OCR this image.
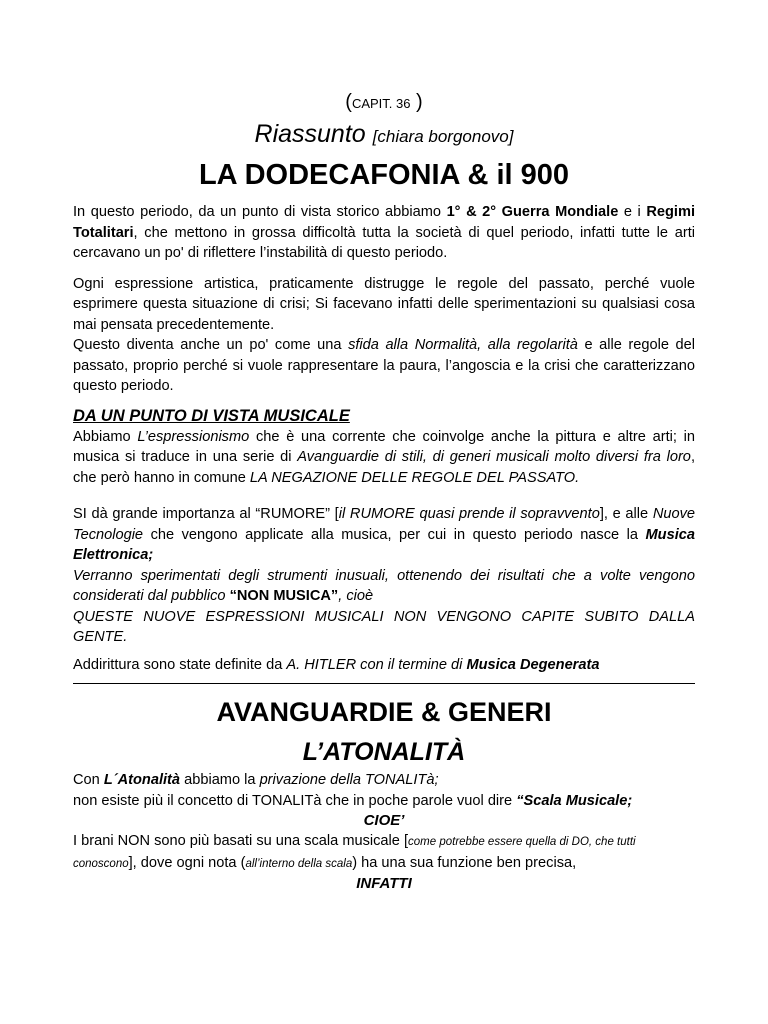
(CAPIT. 36 )
Riassunto [chiara borgonovo]
LA DODECAFONIA & il 900

In questo periodo, da un punto di vista storico abbiamo 1° & 2° Guerra Mondiale e i Regimi Totalitari, che mettono in grossa difficoltà tutta la società di quel periodo, infatti tutte le arti cercavano un po' di riflettere l’instabilità di questo periodo.

Ogni espressione artistica, praticamente distrugge le regole del passato, perché vuole esprimere questa situazione di crisi; Si facevano infatti delle sperimentazioni su qualsiasi cosa mai pensata precedentemente.

Questo diventa anche un po' come una sfida alla Normalità, alla regolarità e alle regole del passato, proprio perché si vuole rappresentare la paura, l’angoscia e la crisi che caratterizzano questo periodo.

DA UN PUNTO DI VISTA MUSICALE

Abbiamo L’espressionismo che è una corrente che coinvolge anche la pittura e altre arti; in musica si traduce in una serie di Avanguardie di stili, di generi musicali molto diversi fra loro, che però hanno in comune LA NEGAZIONE DELLE REGOLE DEL PASSATO.

SI dà grande importanza al “RUMORE” [il RUMORE quasi prende il sopravvento], e alle Nuove Tecnologie che vengono applicate alla musica, per cui in questo periodo nasce la Musica Elettronica;

Verranno sperimentati degli strumenti inusuali, ottenendo dei risultati che a volte vengono considerati dal pubblico “NON MUSICA”, cioè

QUESTE NUOVE ESPRESSIONI MUSICALI NON VENGONO CAPITE SUBITO DALLA GENTE.

Addirittura sono state definite da A. HITLER con il termine di Musica Degenerata

AVANGUARDIE & GENERI
L’ATONALITÀ

Con L´Atonalità abbiamo la privazione della TONALITà;

non esiste più il concetto di TONALITà che in poche parole vuol dire “Scala Musicale;

CIOE’

I brani NON sono più basati su una scala musicale [come potrebbe essere quella di DO, che tutti conoscono], dove ogni nota (all’interno della scala) ha una sua funzione ben precisa,

INFATTI
